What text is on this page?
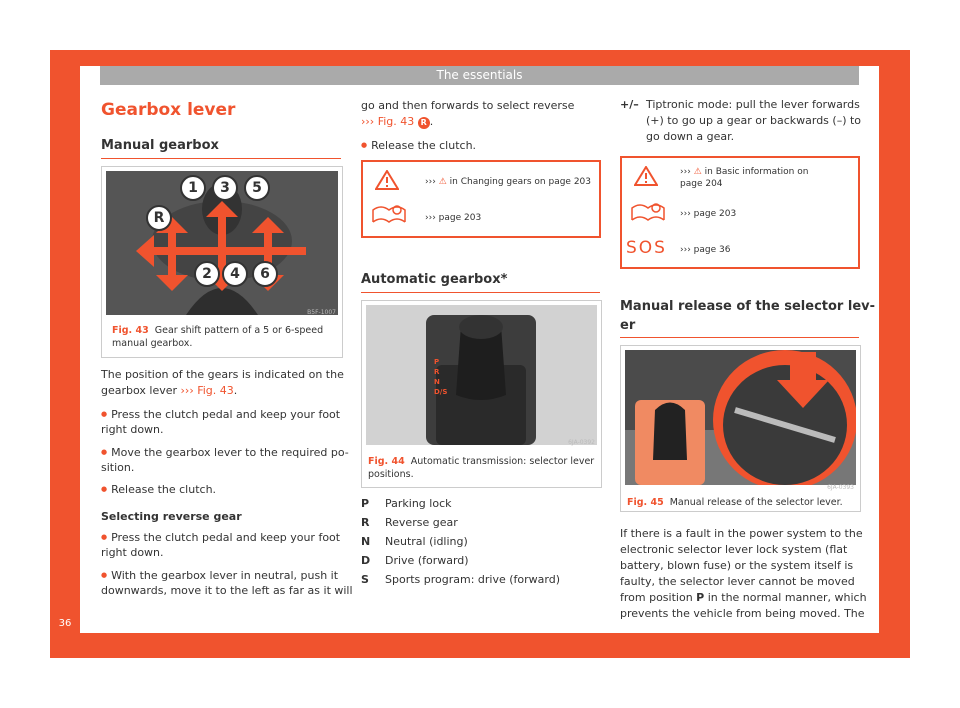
The essentials
36
Gearbox lever
Manual gearbox
1	3	5
R
2	4	6
B5F-1007
Fig. 43 Gear shift pattern of a 5 or 6-speed
manual gearbox.
The position of the gears is indicated on the
gearbox lever ››› Fig. 43.
● Press the clutch pedal and keep your foot
right down.
● Move the gearbox lever to the required po-
sition.
● Release the clutch.
Selecting reverse gear
● Press the clutch pedal and keep your foot
right down.
● With the gearbox lever in neutral, push it
downwards, move it to the left as far as it will
go and then forwards to select reverse
››› Fig. 43 R .
● Release the clutch.
››› ⚠ in Changing gears on page 203
››› page 203
Automatic gearbox*
P
R
N
D/S
6JA-0392
Fig. 44 Automatic transmission: selector lever
positions.
P Parking lock
R Reverse gear
N Neutral (idling)
D Drive (forward)
S Sports program: drive (forward)
+/– Tiptronic mode: pull the lever forwards
(+) to go up a gear or backwards (–) to
go down a gear.
››› ⚠ in Basic information on
page 204
››› page 203
SOS ››› page 36
Manual release of the selector lev-
er
6JA-0393
Fig. 45 Manual release of the selector lever.
If there is a fault in the power system to the
electronic selector lever lock system (flat
battery, blown fuse) or the system itself is
faulty, the selector lever cannot be moved
from position P in the normal manner, which
prevents the vehicle from being moved. The
